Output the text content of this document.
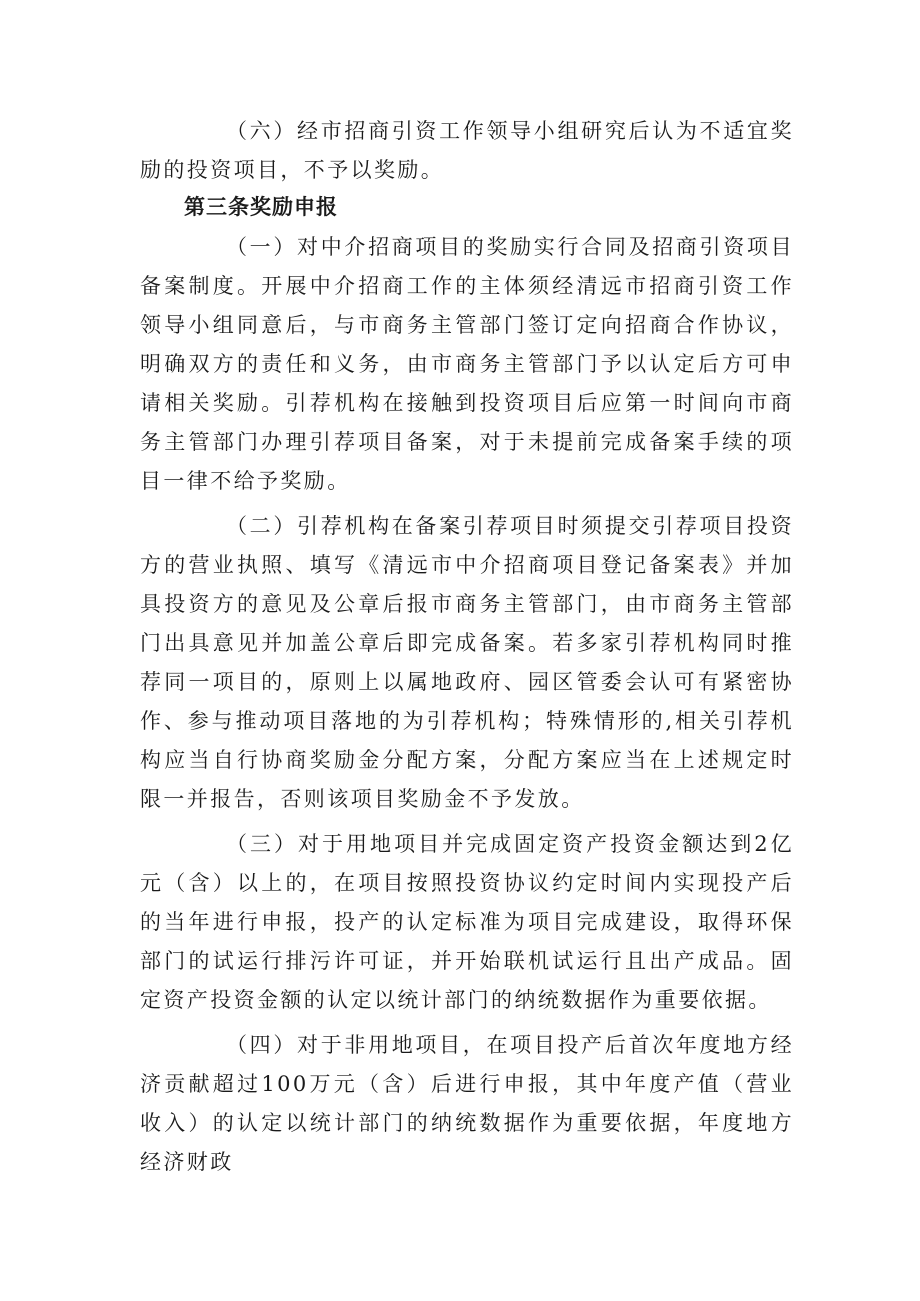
（六）经市招商引资工作领导小组研究后认为不适宜奖励的投资项目，不予以奖励。

第三条奖励申报

（一）对中介招商项目的奖励实行合同及招商引资项目备案制度。开展中介招商工作的主体须经清远市招商引资工作领导小组同意后，与市商务主管部门签订定向招商合作协议，明确双方的责任和义务，由市商务主管部门予以认定后方可申请相关奖励。引荐机构在接触到投资项目后应第一时间向市商务主管部门办理引荐项目备案，对于未提前完成备案手续的项目一律不给予奖励。

（二）引荐机构在备案引荐项目时须提交引荐项目投资方的营业执照、填写《清远市中介招商项目登记备案表》并加具投资方的意见及公章后报市商务主管部门，由市商务主管部门出具意见并加盖公章后即完成备案。若多家引荐机构同时推荐同一项目的，原则上以属地政府、园区管委会认可有紧密协作、参与推动项目落地的为引荐机构；特殊情形的,相关引荐机构应当自行协商奖励金分配方案，分配方案应当在上述规定时限一并报告，否则该项目奖励金不予发放。

（三）对于用地项目并完成固定资产投资金额达到2亿元（含）以上的，在项目按照投资协议约定时间内实现投产后的当年进行申报，投产的认定标准为项目完成建设，取得环保部门的试运行排污许可证，并开始联机试运行且出产成品。固定资产投资金额的认定以统计部门的纳统数据作为重要依据。

（四）对于非用地项目，在项目投产后首次年度地方经济贡献超过100万元（含）后进行申报，其中年度产值（营业收入）的认定以统计部门的纳统数据作为重要依据，年度地方经济财政
